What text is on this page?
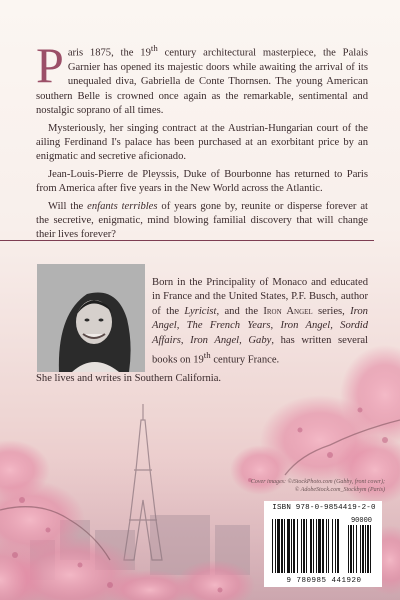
Paris 1875, the 19th century architectural masterpiece, the Palais Garnier has opened its majestic doors while awaiting the arrival of its unequaled diva, Gabriella de Conte Thornsen. The young American southern Belle is crowned once again as the remarkable, sentimental and nostalgic soprano of all times.

Mysteriously, her singing contract at the Austrian-Hungarian court of the ailing Ferdinand I's palace has been purchased at an exorbitant price by an enigmatic and secretive aficionado.

Jean-Louis-Pierre de Pleyssis, Duke of Bourbonne has returned to Paris from America after five years in the New World across the Atlantic.

Will the enfants terribles of years gone by, reunite or disperse forever at the secretive, enigmatic, mind blowing familial discovery that will change their lives forever?

Born in the Principality of Monaco and educated in France and the United States, P.F. Busch, author of the Lyricist, and the Iron Angel series, Iron Angel, The French Years, Iron Angel, Sordid Affairs, Iron Angel, Gaby, has written several books on 19th century France.

She lives and writes in Southern California.

Cover images: ©iStockPhoto.com (Gabby, front cover);
© AdobeStock.com_Stockbym (Paris)
ISBN 978-0-9854419-2-0
90000
9 780985 441920
